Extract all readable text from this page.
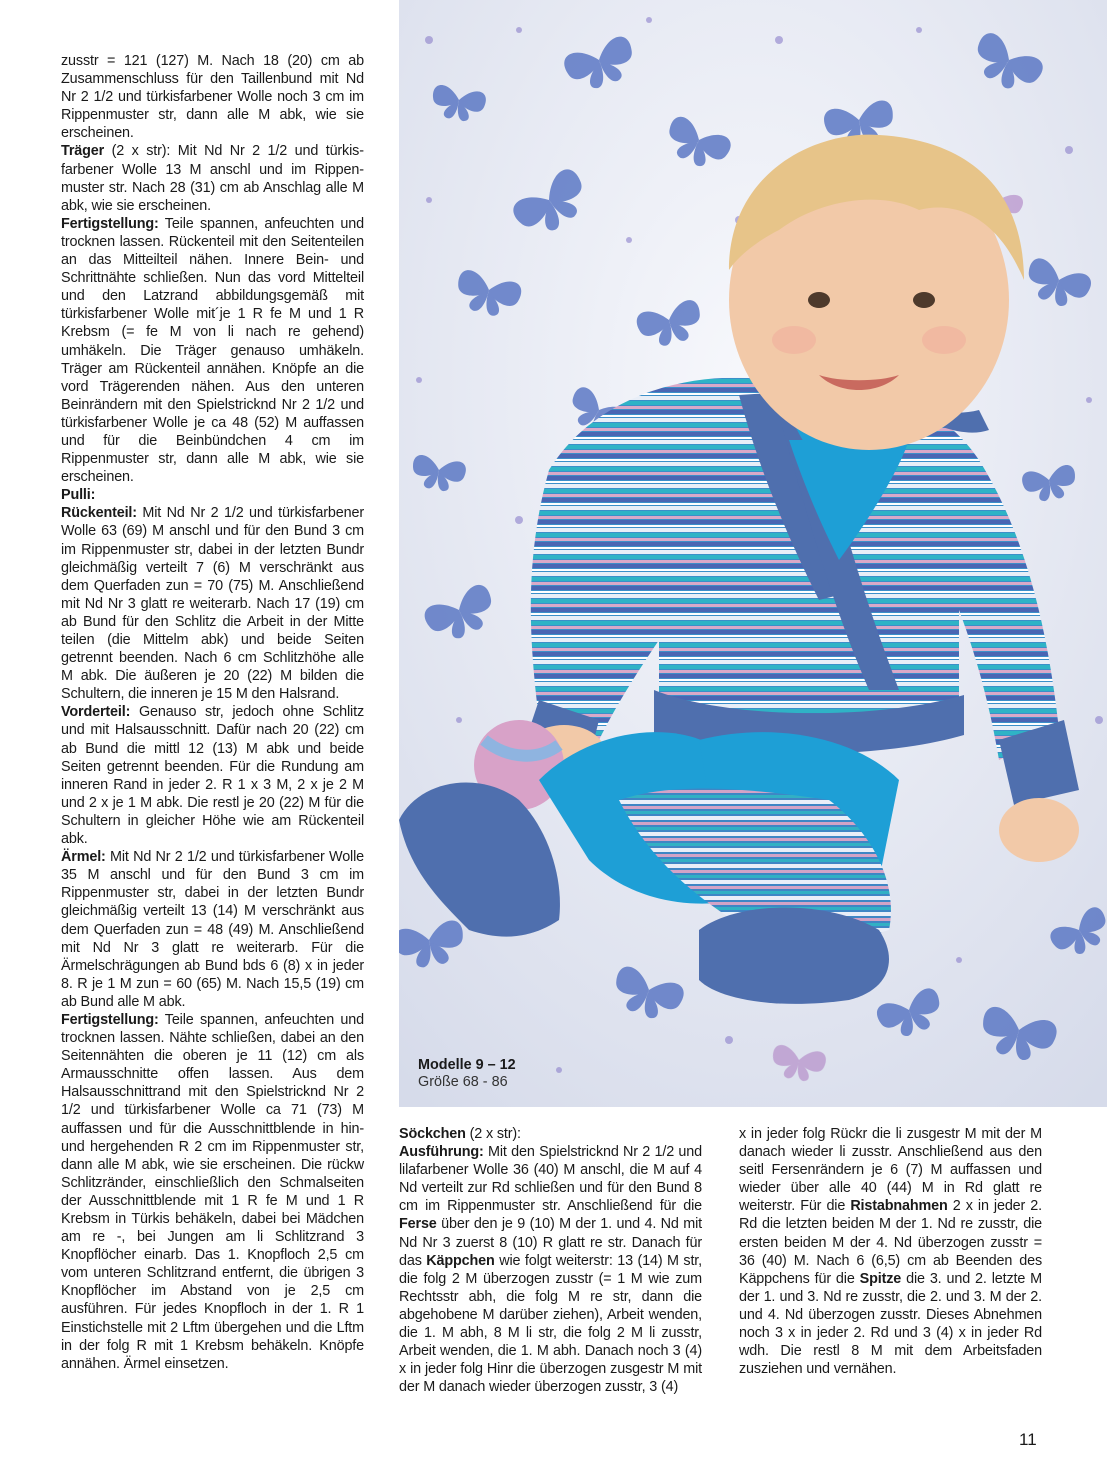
zusstr = 121 (127) M. Nach 18 (20) cm ab Zusammenschluss für den Taillenbund mit Nd Nr 2 1/2 und türkisfarbener Wolle noch 3 cm im Rippenmuster str, dann alle M abk, wie sie erscheinen.

Träger (2 x str): Mit Nd Nr 2 1/2 und türkisfarbener Wolle 13 M anschl und im Rippenmuster str. Nach 28 (31) cm ab Anschlag alle M abk, wie sie erscheinen.

Fertigstellung: Teile spannen, anfeuchten und trocknen lassen. Rückenteil mit den Seitenteilen an das Mitteilteil nähen. Innere Bein- und Schrittnähte schließen. Nun das vord Mittelteil und den Latzrand abbildungsgemäß mit türkisfarbener Wolle mit´je 1 R fe M und 1 R Krebsm (= fe M von li nach re gehend) umhäkeln. Die Träger genauso umhäkeln. Träger am Rückenteil annähen. Knöpfe an die vord Trägerenden nähen. Aus den unteren Beinrändern mit den Spielstricknd Nr 2 1/2 und türkisfarbener Wolle je ca 48 (52) M auffassen und für die Beinbündchen 4 cm im Rippenmuster str, dann alle M abk, wie sie erscheinen.

Pulli:

Rückenteil: Mit Nd Nr 2 1/2 und türkisfarbener Wolle 63 (69) M anschl und für den Bund 3 cm im Rippenmuster str, dabei in der letzten Bundr gleichmäßig verteilt 7 (6) M verschränkt aus dem Querfaden zun = 70 (75) M. Anschließend mit Nd Nr 3 glatt re weiterarb. Nach 17 (19) cm ab Bund für den Schlitz die Arbeit in der Mitte teilen (die Mittelm abk) und beide Seiten getrennt beenden. Nach 6 cm Schlitzhöhe alle M abk. Die äußeren je 20 (22) M bilden die Schultern, die inneren je 15 M den Halsrand.

Vorderteil: Genauso str, jedoch ohne Schlitz und mit Halsausschnitt. Dafür nach 20 (22) cm ab Bund die mittl 12 (13) M abk und beide Seiten getrennt beenden. Für die Rundung am inneren Rand in jeder 2. R 1 x 3 M, 2 x je 2 M und 2 x je 1 M abk. Die restl je 20 (22) M für die Schultern in gleicher Höhe wie am Rückenteil abk.

Ärmel: Mit Nd Nr 2 1/2 und türkisfarbener Wolle 35 M anschl und für den Bund 3 cm im Rippenmuster str, dabei in der letzten Bundr gleichmäßig verteilt 13 (14) M verschränkt aus dem Querfaden zun = 48 (49) M. Anschließend mit Nd Nr 3 glatt re weiterarb. Für die Ärmelschrägungen ab Bund bds 6 (8) x in jeder 8. R je 1 M zun = 60 (65) M. Nach 15,5 (19) cm ab Bund alle M abk.

Fertigstellung: Teile spannen, anfeuchten und trocknen lassen. Nähte schließen, dabei an den Seitennähten die oberen je 11 (12) cm als Armausschnitte offen lassen. Aus dem Halsausschnittrand mit den Spielstricknd Nr 2 1/2 und türkisfarbener Wolle ca 71 (73) M auffassen und für die Ausschnittblende in hin- und hergehenden R 2 cm im Rippenmuster str, dann alle M abk, wie sie erscheinen. Die rückw Schlitzränder, einschließlich den Schmalseiten der Ausschnittblende mit 1 R fe M und 1 R Krebsm in Türkis behäkeln, dabei bei Mädchen am re -, bei Jungen am li Schlitzrand 3 Knopflöcher einarb. Das 1. Knopfloch 2,5 cm vom unteren Schlitzrand entfernt, die übrigen 3 Knopflöcher im Abstand von je 2,5 cm ausführen. Für jedes Knopfloch in der 1. R 1 Einstichstelle mit 2 Lftm übergehen und die Lftm in der folg R mit 1 Krebsm behäkeln. Knöpfe annähen. Ärmel einsetzen.

Modelle 9 – 12
Größe 68 - 86

Söckchen (2 x str):

Ausführung: Mit den Spielstricknd Nr 2 1/2 und lilafarbener Wolle 36 (40) M anschl, die M auf 4 Nd verteilt zur Rd schließen und für den Bund 8 cm im Rippenmuster str. Anschließend für die Ferse über den je 9 (10) M der 1. und 4. Nd mit Nd Nr 3 zuerst 8 (10) R glatt re str. Danach für das Käppchen wie folgt weiterstr: 13 (14) M str, die folg 2 M überzogen zusstr (= 1 M wie zum Rechtsstr abh, die folg M re str, dann die abgehobene M darüber ziehen), Arbeit wenden, die 1. M abh, 8 M li str, die folg 2 M li zusstr, Arbeit wenden, die 1. M abh. Danach noch 3 (4) x in jeder folg Hinr die überzogen zusgestr M mit der M danach wieder überzogen zusstr, 3 (4)

x in jeder folg Rückr die li zusgestr M mit der M danach wieder li zusstr. Anschließend aus den seitl Fersenrändern je 6 (7) M auffassen und wieder über alle 40 (44) M in Rd glatt re weiterstr. Für die Ristabnahmen 2 x in jeder 2. Rd die letzten beiden M der 1. Nd re zusstr, die ersten beiden M der 4. Nd überzogen zusstr = 36 (40) M. Nach 6 (6,5) cm ab Beenden des Käppchens für die Spitze die 3. und 2. letzte M der 1. und 3. Nd re zusstr, die 2. und 3. M der 2. und 4. Nd überzogen zusstr. Dieses Abnehmen noch 3 x in jeder 2. Rd und 3 (4) x in jeder Rd wdh. Die restl 8 M mit dem Arbeitsfaden zusziehen und vernähen.

11
